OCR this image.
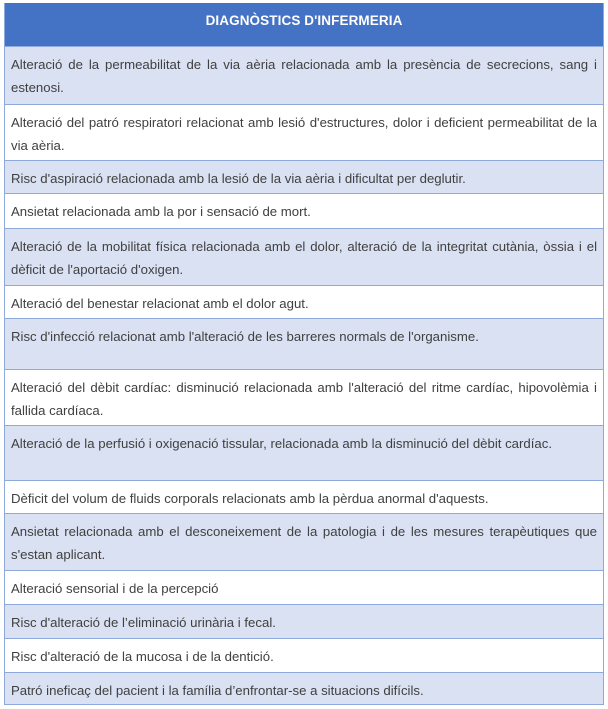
DIAGNÒSTICS D'INFERMERIA
Alteració de la permeabilitat de la via aèria relacionada amb la presència de secrecions, sang i estenosi.
Alteració del patró respiratori relacionat amb lesió d'estructures, dolor i deficient permeabilitat de la via aèria.
Risc d'aspiració relacionada amb la lesió de la via aèria i dificultat per deglutir.
Ansietat relacionada amb la por i sensació de mort.
Alteració de la mobilitat física relacionada amb el dolor, alteració de la integritat cutània, òssia i el dèficit de l'aportació d'oxigen.
Alteració del benestar relacionat amb el dolor agut.
Risc d'infecció relacionat amb l'alteració de les barreres normals de l'organisme.
Alteració del dèbit cardíac: disminució relacionada amb l'alteració del ritme cardíac, hipovolèmia i fallida cardíaca.
Alteració de la perfusió i oxigenació tissular, relacionada amb la disminució del dèbit cardíac.
Dèficit del volum de fluids corporals relacionats amb la pèrdua anormal d'aquests.
Ansietat relacionada amb el desconeixement de la patologia i de les mesures terapèutiques que s'estan aplicant.
Alteració sensorial i de la percepció
Risc d'alteració de l’eliminació urinària i fecal.
Risc d'alteració de la mucosa i de la dentició.
Patró ineficaç del pacient i la família d’enfrontar-se a situacions difícils.
